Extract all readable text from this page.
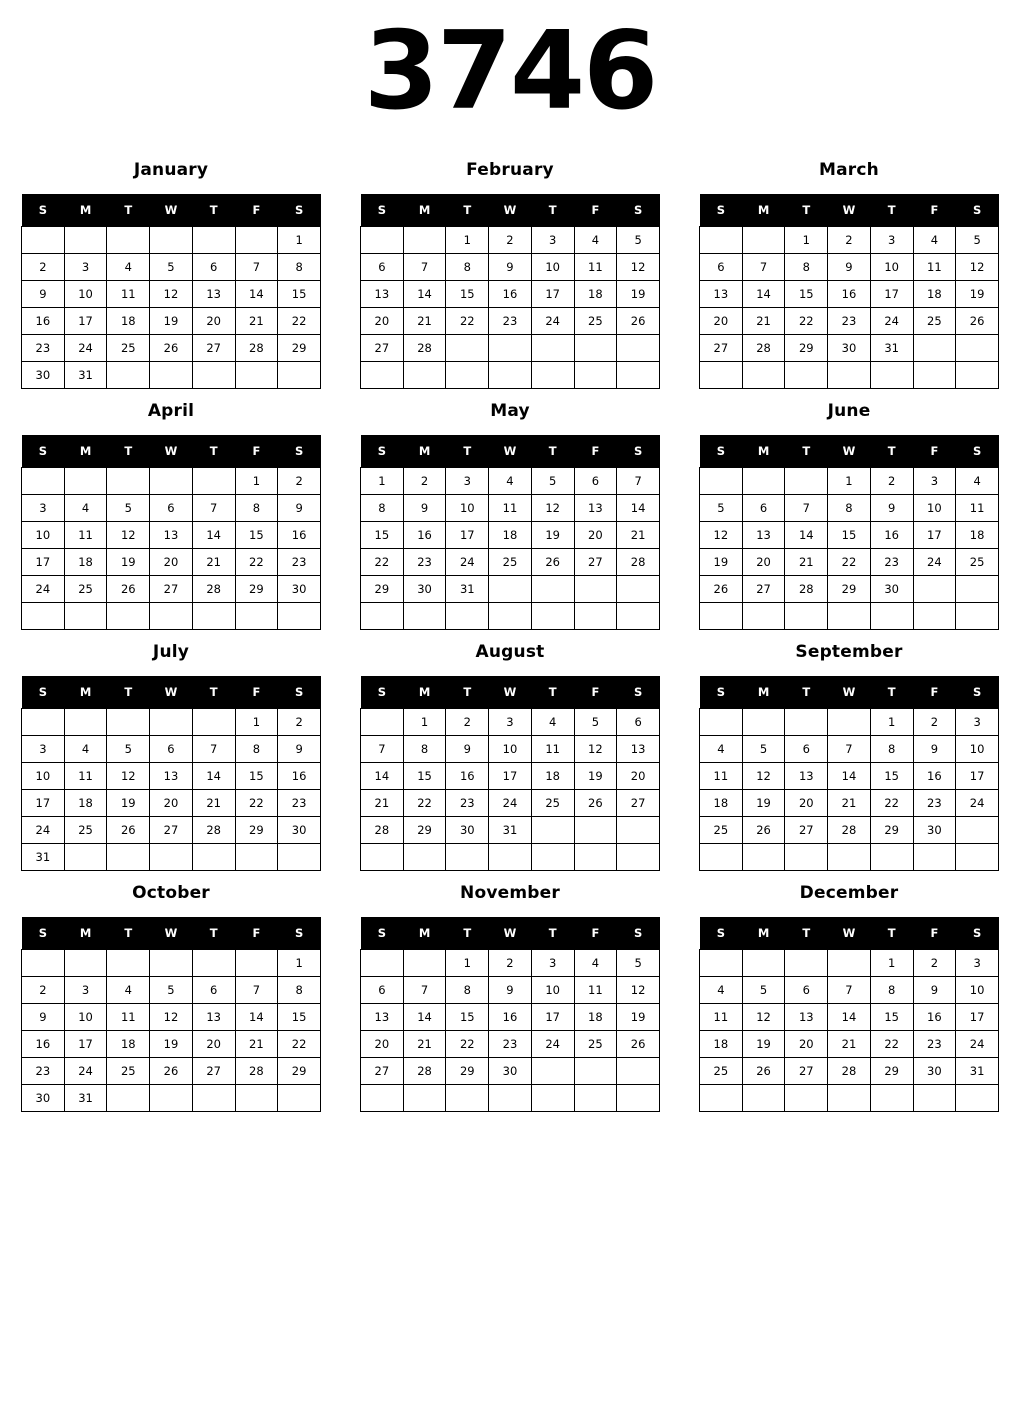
3746
January
S	M	T	W	T	F	S
						1
2	3	4	5	6	7	8
9	10	11	12	13	14	15
16	17	18	19	20	21	22
23	24	25	26	27	28	29
30	31					
February
S	M	T	W	T	F	S
		1	2	3	4	5
6	7	8	9	10	11	12
13	14	15	16	17	18	19
20	21	22	23	24	25	26
27	28					

March
S	M	T	W	T	F	S
		1	2	3	4	5
6	7	8	9	10	11	12
13	14	15	16	17	18	19
20	21	22	23	24	25	26
27	28	29	30	31		

April
S	M	T	W	T	F	S
					1	2
3	4	5	6	7	8	9
10	11	12	13	14	15	16
17	18	19	20	21	22	23
24	25	26	27	28	29	30

May
S	M	T	W	T	F	S
1	2	3	4	5	6	7
8	9	10	11	12	13	14
15	16	17	18	19	20	21
22	23	24	25	26	27	28
29	30	31				

June
S	M	T	W	T	F	S
			1	2	3	4
5	6	7	8	9	10	11
12	13	14	15	16	17	18
19	20	21	22	23	24	25
26	27	28	29	30		

July
S	M	T	W	T	F	S
					1	2
3	4	5	6	7	8	9
10	11	12	13	14	15	16
17	18	19	20	21	22	23
24	25	26	27	28	29	30
31						
August
S	M	T	W	T	F	S
	1	2	3	4	5	6
7	8	9	10	11	12	13
14	15	16	17	18	19	20
21	22	23	24	25	26	27
28	29	30	31			

September
S	M	T	W	T	F	S
				1	2	3
4	5	6	7	8	9	10
11	12	13	14	15	16	17
18	19	20	21	22	23	24
25	26	27	28	29	30	

October
S	M	T	W	T	F	S
						1
2	3	4	5	6	7	8
9	10	11	12	13	14	15
16	17	18	19	20	21	22
23	24	25	26	27	28	29
30	31					
November
S	M	T	W	T	F	S
		1	2	3	4	5
6	7	8	9	10	11	12
13	14	15	16	17	18	19
20	21	22	23	24	25	26
27	28	29	30			

December
S	M	T	W	T	F	S
				1	2	3
4	5	6	7	8	9	10
11	12	13	14	15	16	17
18	19	20	21	22	23	24
25	26	27	28	29	30	31
